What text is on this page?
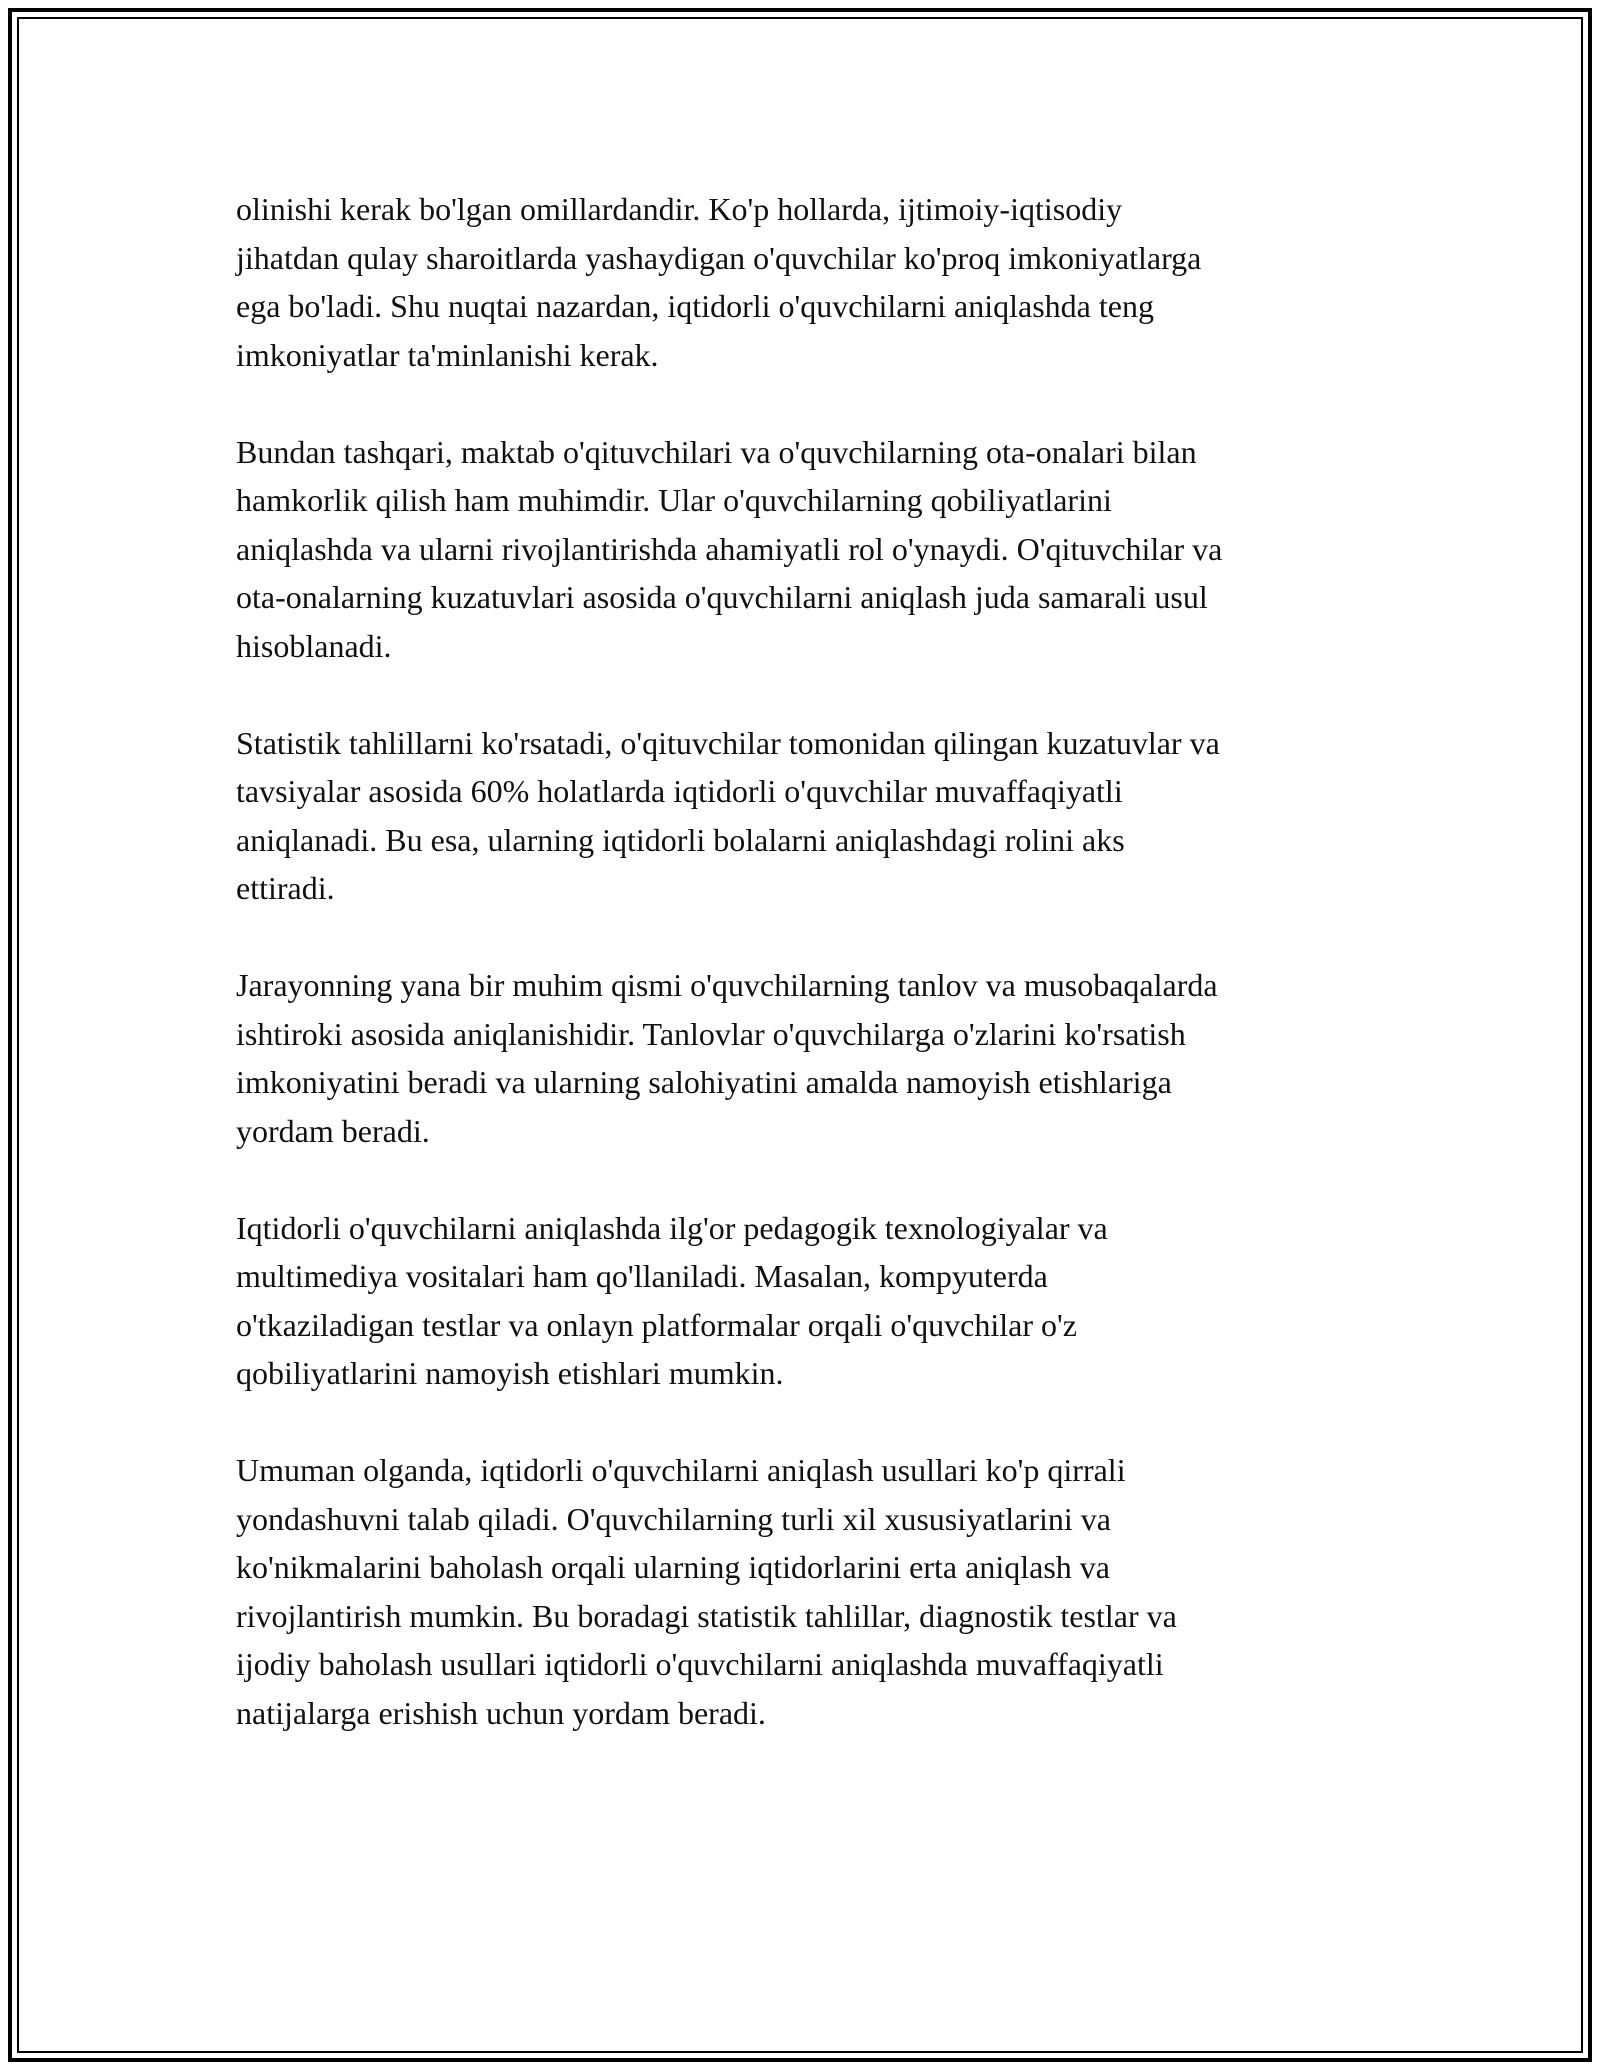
olinishi kerak bo'lgan omillardandir. Ko'p hollarda, ijtimoiy-iqtisodiy
jihatdan qulay sharoitlarda yashaydigan o'quvchilar ko'proq imkoniyatlarga
ega bo'ladi. Shu nuqtai nazardan, iqtidorli o'quvchilarni aniqlashda teng
imkoniyatlar ta'minlanishi kerak.

Bundan tashqari, maktab o'qituvchilari va o'quvchilarning ota-onalari bilan
hamkorlik qilish ham muhimdir. Ular o'quvchilarning qobiliyatlarini
aniqlashda va ularni rivojlantirishda ahamiyatli rol o'ynaydi. O'qituvchilar va
ota-onalarning kuzatuvlari asosida o'quvchilarni aniqlash juda samarali usul
hisoblanadi.

Statistik tahlillarni ko'rsatadi, o'qituvchilar tomonidan qilingan kuzatuvlar va
tavsiyalar asosida 60% holatlarda iqtidorli o'quvchilar muvaffaqiyatli
aniqlanadi. Bu esa, ularning iqtidorli bolalarni aniqlashdagi rolini aks
ettiradi.

Jarayonning yana bir muhim qismi o'quvchilarning tanlov va musobaqalarda
ishtiroki asosida aniqlanishidir. Tanlovlar o'quvchilarga o'zlarini ko'rsatish
imkoniyatini beradi va ularning salohiyatini amalda namoyish etishlariga
yordam beradi.

Iqtidorli o'quvchilarni aniqlashda ilg'or pedagogik texnologiyalar va
multimediya vositalari ham qo'llaniladi. Masalan, kompyuterda
o'tkaziladigan testlar va onlayn platformalar orqali o'quvchilar o'z
qobiliyatlarini namoyish etishlari mumkin.

Umuman olganda, iqtidorli o'quvchilarni aniqlash usullari ko'p qirrali
yondashuvni talab qiladi. O'quvchilarning turli xil xususiyatlarini va
ko'nikmalarini baholash orqali ularning iqtidorlarini erta aniqlash va
rivojlantirish mumkin. Bu boradagi statistik tahlillar, diagnostik testlar va
ijodiy baholash usullari iqtidorli o'quvchilarni aniqlashda muvaffaqiyatli
natijalarga erishish uchun yordam beradi.
